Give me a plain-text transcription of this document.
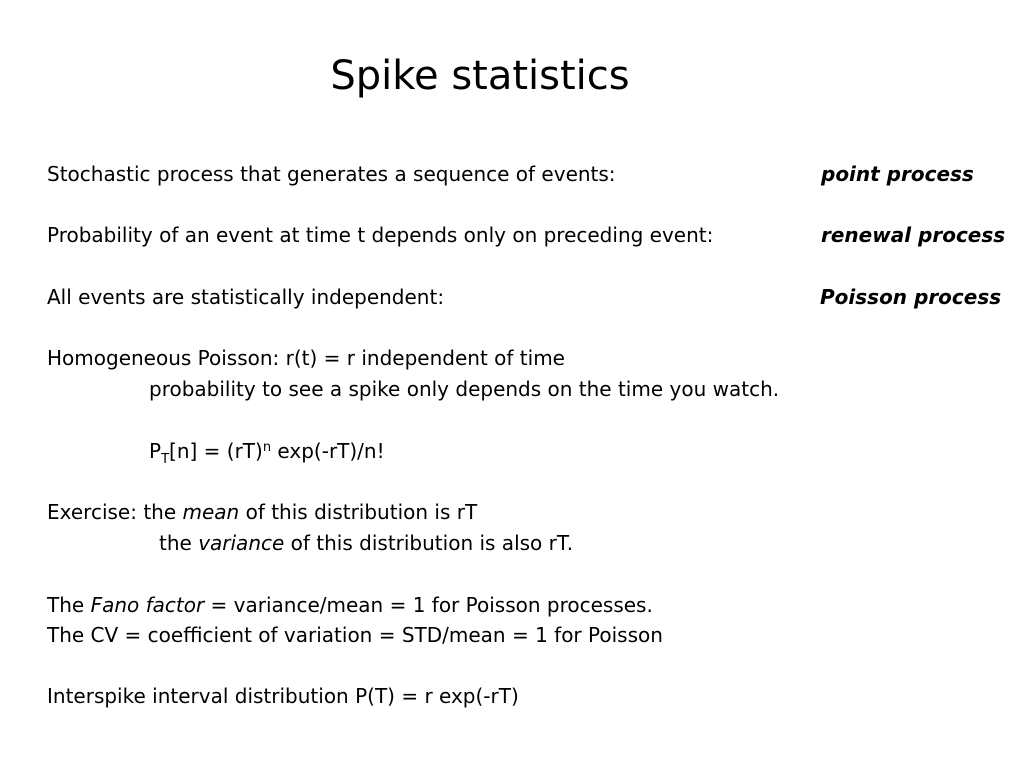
Spike statistics
Stochastic process that generates a sequence of events:	point process
Probability of an event at time t depends only on preceding event:	renewal process
All events are statistically independent:	Poisson process
Homogeneous Poisson: r(t) = r independent of time
probability to see a spike only depends on the time you watch.
$P_T[n] = (rT)^n$ exp(-rT)/n!
Exercise: the mean of this distribution is rT
the variance of this distribution is also rT.
The Fano factor = variance/mean = 1 for Poisson processes.
The CV = coefficient of variation = STD/mean = 1 for Poisson
Interspike interval distribution P(T) = r exp(-rT)
